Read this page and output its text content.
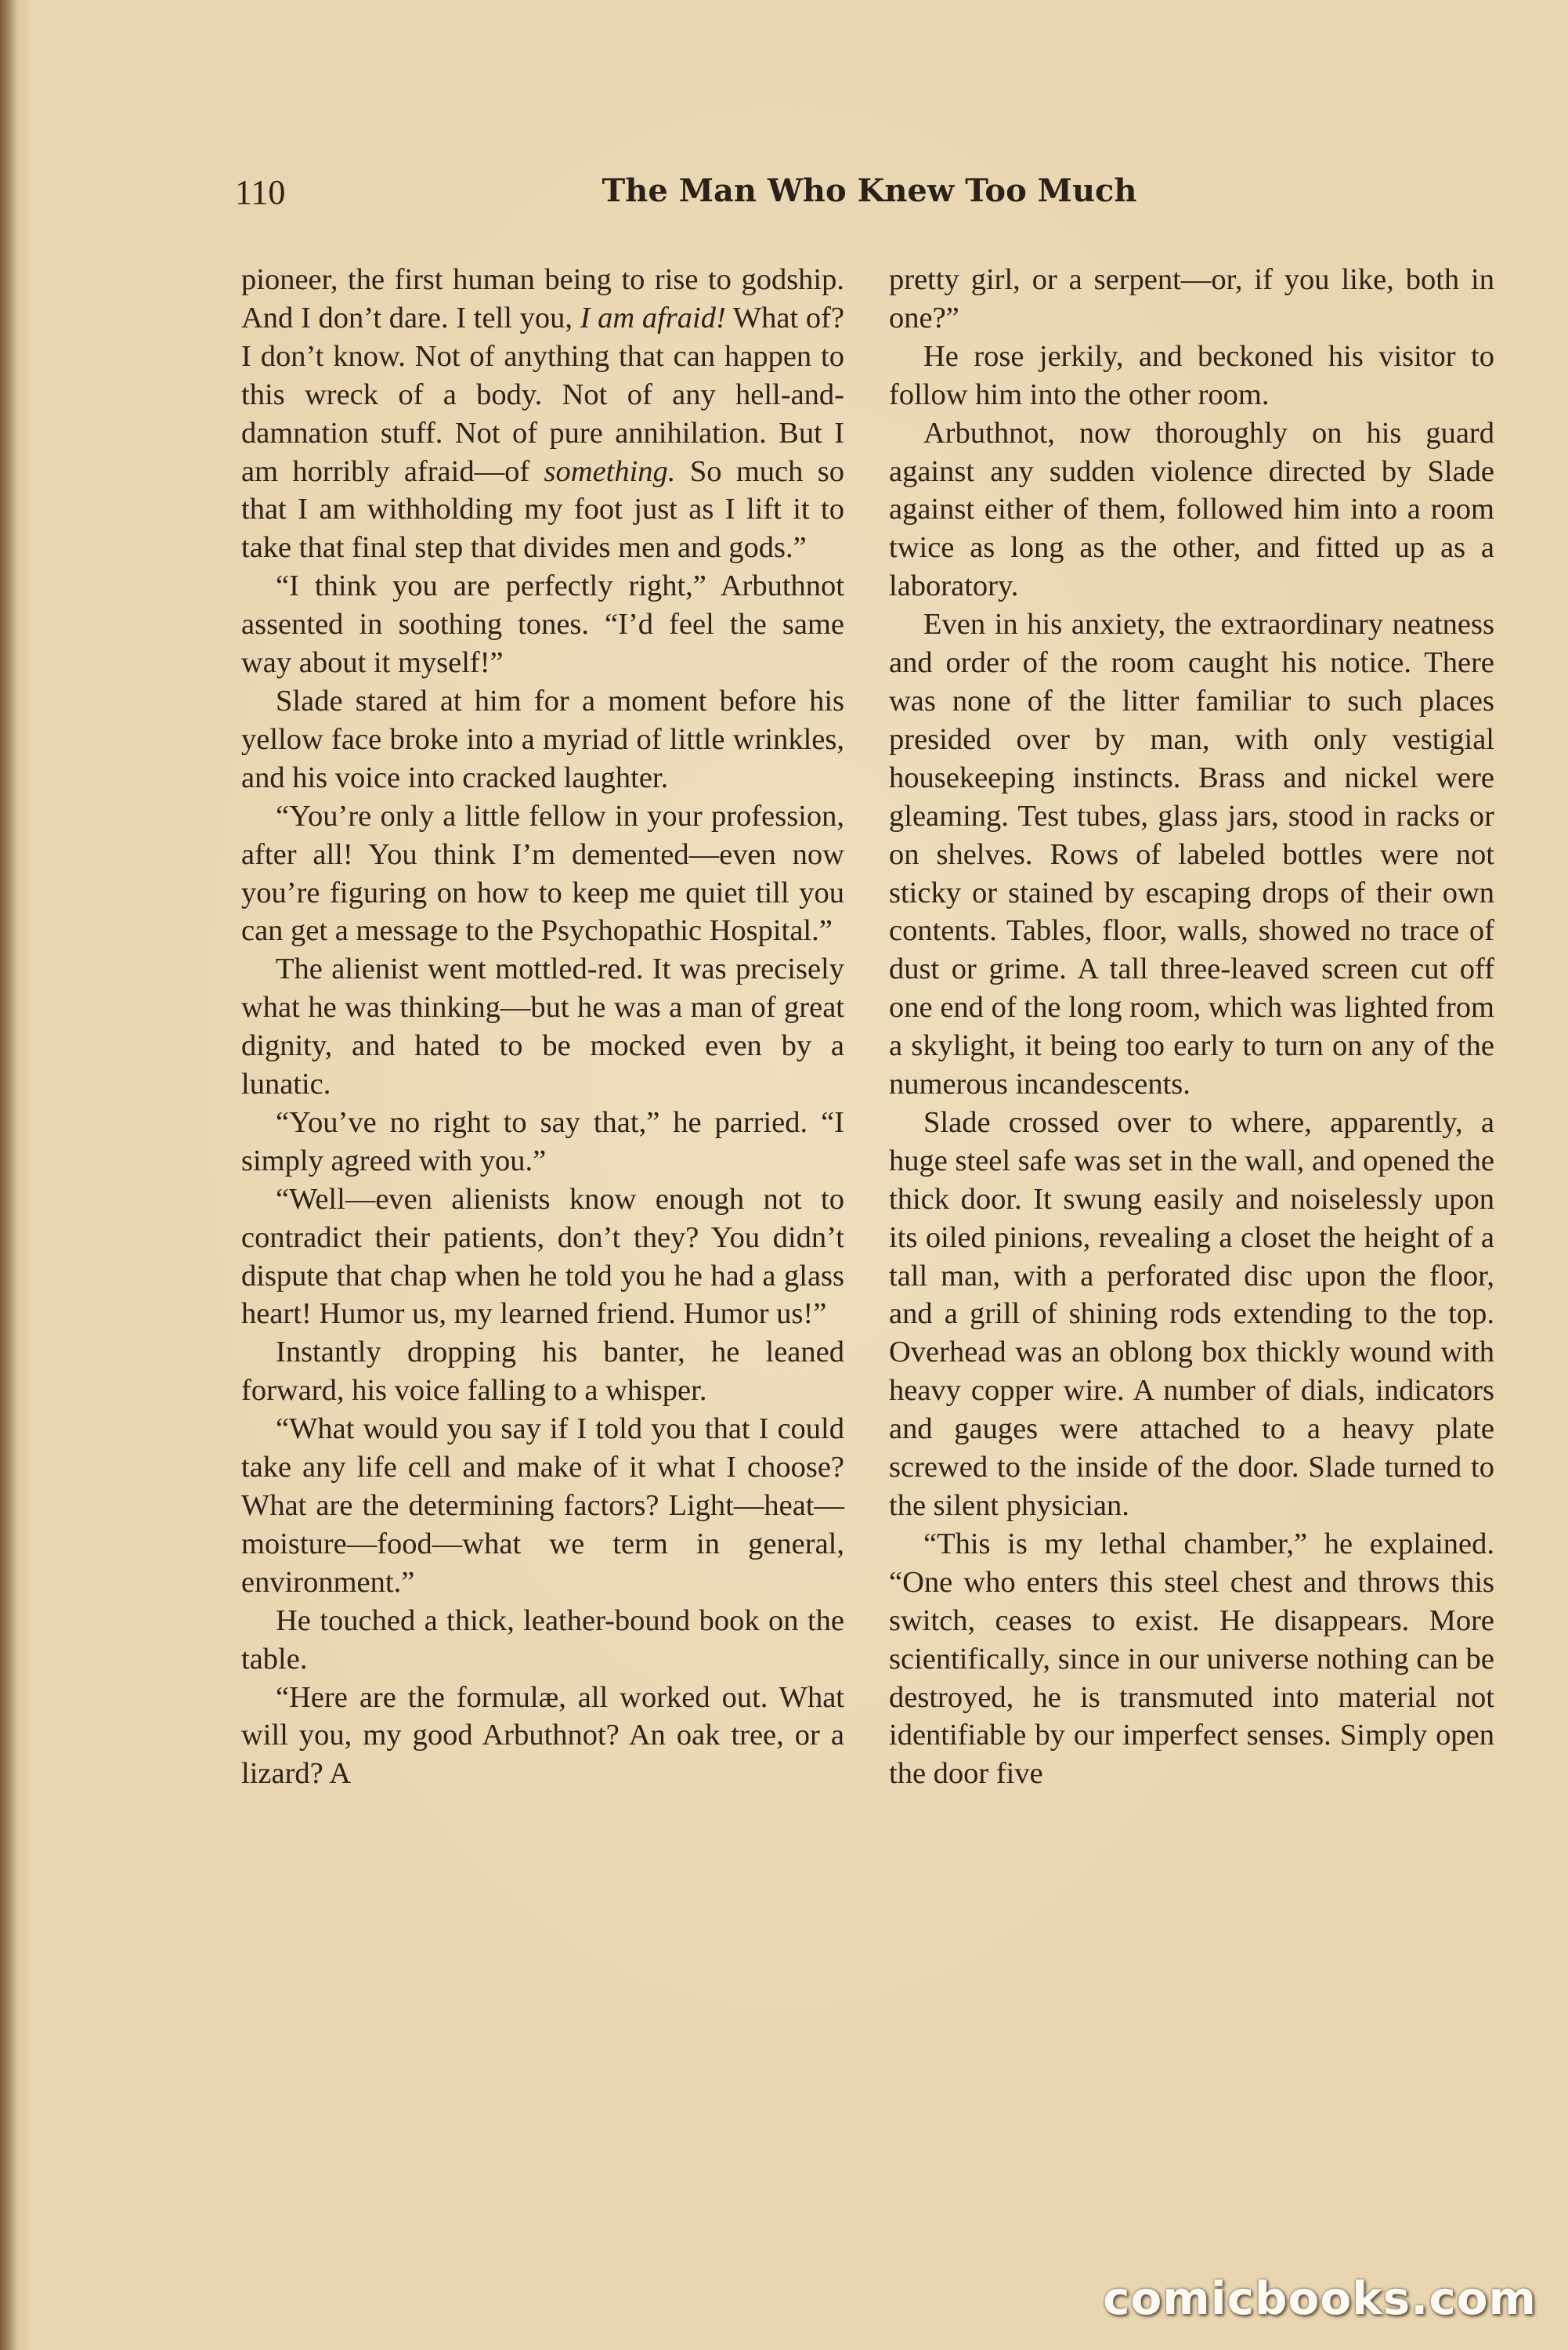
110	The Man Who Knew Too Much

pioneer, the first human being to rise to godship. And I don’t dare. I tell you, I am afraid! What of? I don’t know. Not of anything that can happen to this wreck of a body. Not of any hell-and-damnation stuff. Not of pure annihilation. But I am horribly afraid—of something. So much so that I am withholding my foot just as I lift it to take that final step that divides men and gods.”

“I think you are perfectly right,” Arbuthnot assented in soothing tones. “I’d feel the same way about it myself!”

Slade stared at him for a moment before his yellow face broke into a myriad of little wrinkles, and his voice into cracked laughter.

“You’re only a little fellow in your profession, after all! You think I’m demented—even now you’re figuring on how to keep me quiet till you can get a message to the Psychopathic Hospital.”

The alienist went mottled-red. It was precisely what he was thinking—but he was a man of great dignity, and hated to be mocked even by a lunatic.

“You’ve no right to say that,” he parried. “I simply agreed with you.”

“Well—even alienists know enough not to contradict their patients, don’t they? You didn’t dispute that chap when he told you he had a glass heart! Humor us, my learned friend. Humor us!”

Instantly dropping his banter, he leaned forward, his voice falling to a whisper.

“What would you say if I told you that I could take any life cell and make of it what I choose? What are the determining factors? Light—heat—moisture—food—what we term in general, environment.”

He touched a thick, leather-bound book on the table.

“Here are the formulæ, all worked out. What will you, my good Arbuthnot? An oak tree, or a lizard? A

pretty girl, or a serpent—or, if you like, both in one?”

He rose jerkily, and beckoned his visitor to follow him into the other room.

Arbuthnot, now thoroughly on his guard against any sudden violence directed by Slade against either of them, followed him into a room twice as long as the other, and fitted up as a laboratory.

Even in his anxiety, the extraordinary neatness and order of the room caught his notice. There was none of the litter familiar to such places presided over by man, with only vestigial housekeeping instincts. Brass and nickel were gleaming. Test tubes, glass jars, stood in racks or on shelves. Rows of labeled bottles were not sticky or stained by escaping drops of their own contents. Tables, floor, walls, showed no trace of dust or grime. A tall three-leaved screen cut off one end of the long room, which was lighted from a skylight, it being too early to turn on any of the numerous incandescents.

Slade crossed over to where, apparently, a huge steel safe was set in the wall, and opened the thick door. It swung easily and noiselessly upon its oiled pinions, revealing a closet the height of a tall man, with a perforated disc upon the floor, and a grill of shining rods extending to the top. Overhead was an oblong box thickly wound with heavy copper wire. A number of dials, indicators and gauges were attached to a heavy plate screwed to the inside of the door. Slade turned to the silent physician.

“This is my lethal chamber,” he explained. “One who enters this steel chest and throws this switch, ceases to exist. He disappears. More scientifically, since in our universe nothing can be destroyed, he is transmuted into material not identifiable by our imperfect senses. Simply open the door five

comicbooks.com
